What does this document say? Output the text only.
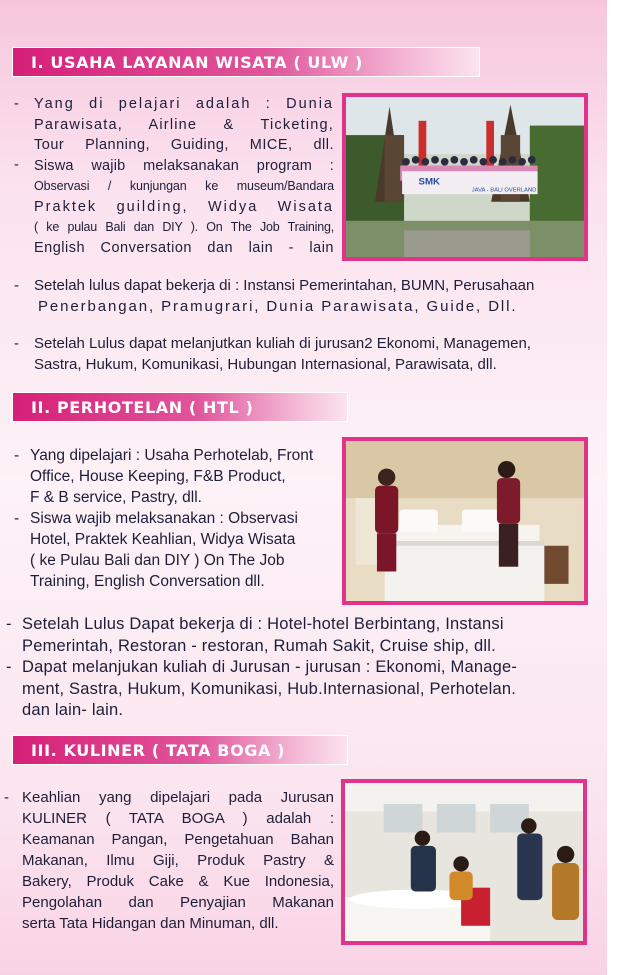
I. USAHA LAYANAN WISATA ( ULW )
- Yang di pelajari adalah : Dunia
Parawisata, Airline & Ticketing,
Tour Planning, Guiding, MICE, dll.
- Siswa wajib melaksanakan program :
Observasi / kunjungan ke museum/Bandara
Praktek guilding, Widya Wisata
( ke pulau Bali dan DIY ). On The Job Training,
English Conversation dan lain - lain
SMK
JAVA - BALI OVERLAND
- Setelah lulus dapat bekerja di : Instansi Pemerintahan, BUMN, Perusahaan
Penerbangan, Pramugrari, Dunia Parawisata, Guide, Dll.
- Setelah Lulus dapat melanjutkan kuliah di jurusan2 Ekonomi, Managemen,
Sastra, Hukum, Komunikasi, Hubungan Internasional, Parawisata, dll.
II. PERHOTELAN ( HTL )
- Yang dipelajari : Usaha Perhotelab, Front
Office, House Keeping, F&B Product,
F & B service, Pastry, dll.
- Siswa wajib melaksanakan : Observasi
Hotel, Praktek Keahlian, Widya Wisata
( ke Pulau Bali dan DIY ) On The Job
Training, English Conversation dll.
- Setelah Lulus Dapat bekerja di : Hotel-hotel Berbintang, Instansi
Pemerintah, Restoran - restoran, Rumah Sakit, Cruise ship, dll.
- Dapat melanjukan kuliah di Jurusan - jurusan : Ekonomi, Manage-
ment, Sastra, Hukum, Komunikasi, Hub.Internasional, Perhotelan.
dan lain- lain.
III. KULINER ( TATA BOGA )
- Keahlian yang dipelajari pada Jurusan
KULINER ( TATA BOGA ) adalah :
Keamanan Pangan, Pengetahuan Bahan
Makanan, Ilmu Giji, Produk Pastry &
Bakery, Produk Cake & Kue Indonesia,
Pengolahan dan Penyajian Makanan
serta Tata Hidangan dan Minuman, dll.
